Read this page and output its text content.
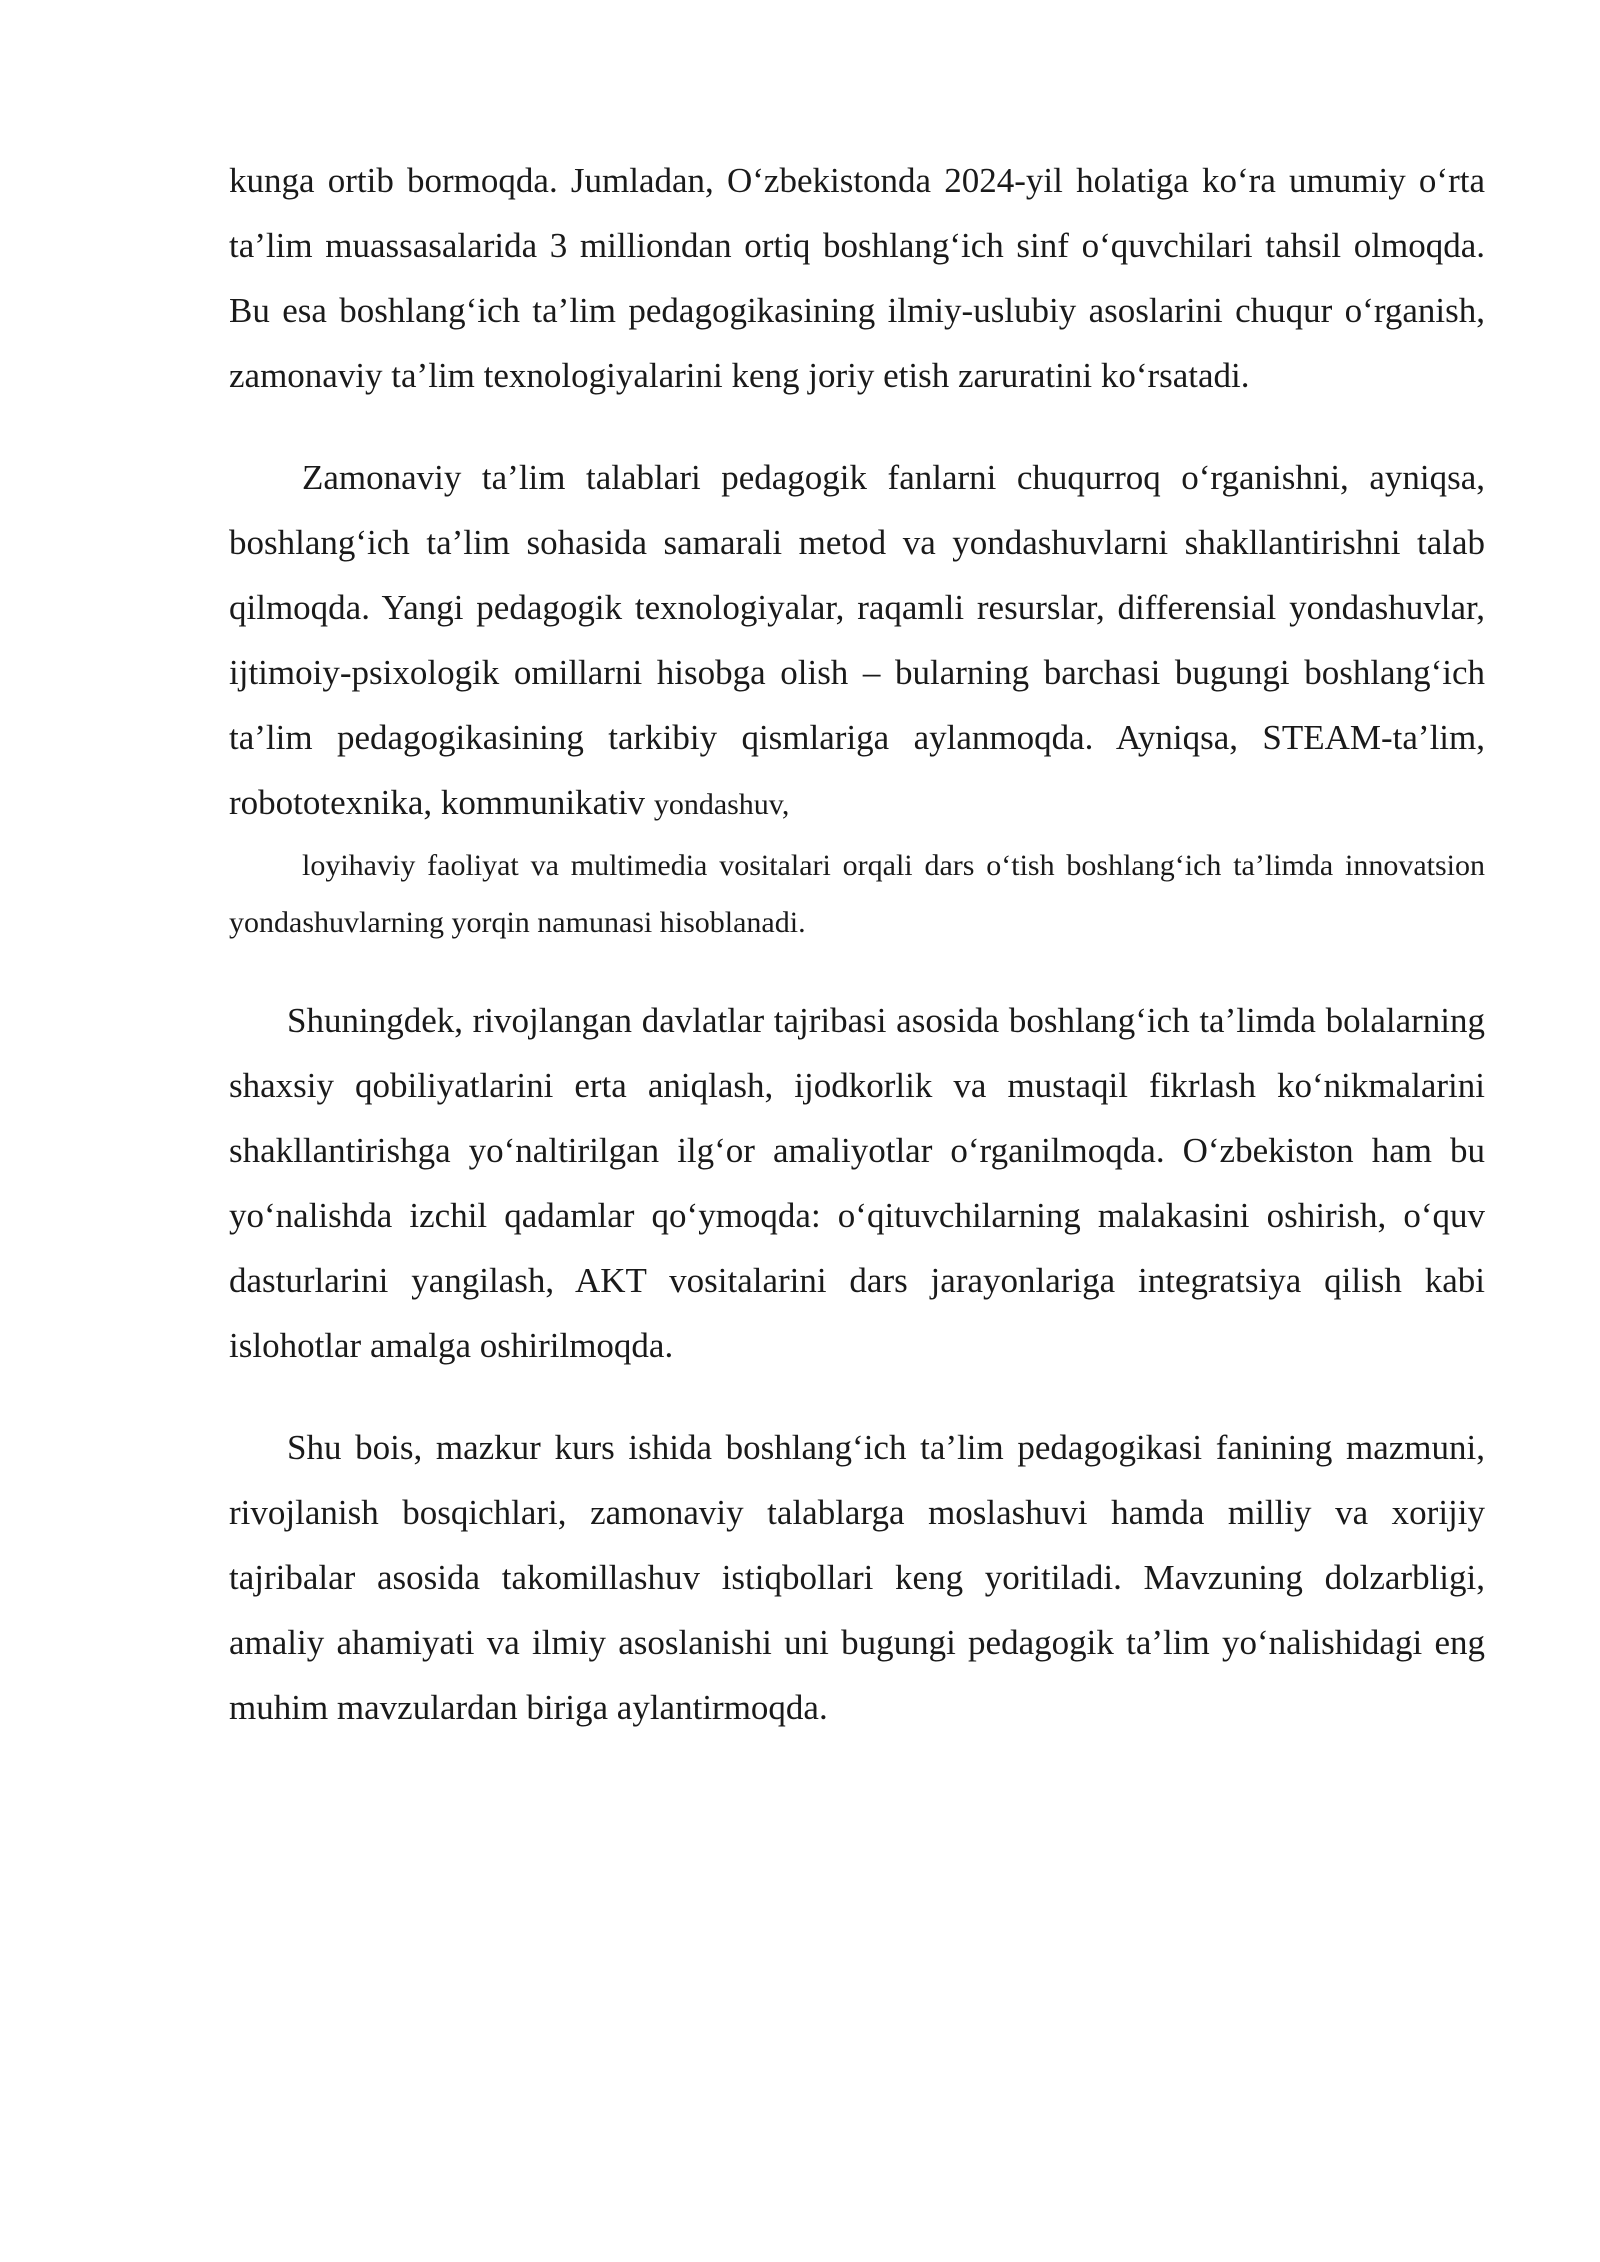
kunga ortib bormoqda. Jumladan, O‘zbekistonda 2024-yil holatiga ko‘ra umumiy o‘rta ta’lim muassasalarida 3 milliondan ortiq boshlang‘ich sinf o‘quvchilari tahsil olmoqda. Bu esa boshlang‘ich ta’lim pedagogikasining ilmiy-uslubiy asoslarini chuqur o‘rganish, zamonaviy ta’lim texnologiyalarini keng joriy etish zaruratini ko‘rsatadi.

Zamonaviy ta’lim talablari pedagogik fanlarni chuqurroq o‘rganishni, ayniqsa, boshlang‘ich ta’lim sohasida samarali metod va yondashuvlarni shakllantirishni talab qilmoqda. Yangi pedagogik texnologiyalar, raqamli resurslar, differensial yondashuvlar, ijtimoiy-psixologik omillarni hisobga olish – bularning barchasi bugungi boshlang‘ich ta’lim pedagogikasining tarkibiy qismlariga aylanmoqda. Ayniqsa, STEAM-ta’lim, robototexnika, kommunikativ yondashuv,
loyihaviy faoliyat va multimedia vositalari orqali dars o‘tish boshlang‘ich ta’limda innovatsion yondashuvlarning yorqin namunasi hisoblanadi.

Shuningdek, rivojlangan davlatlar tajribasi asosida boshlang‘ich ta’limda bolalarning shaxsiy qobiliyatlarini erta aniqlash, ijodkorlik va mustaqil fikrlash ko‘nikmalarini shakllantirishga yo‘naltirilgan ilg‘or amaliyotlar o‘rganilmoqda. O‘zbekiston ham bu yo‘nalishda izchil qadamlar qo‘ymoqda: o‘qituvchilarning malakasini oshirish, o‘quv dasturlarini yangilash, AKT vositalarini dars jarayonlariga integratsiya qilish kabi islohotlar amalga oshirilmoqda.

Shu bois, mazkur kurs ishida boshlang‘ich ta’lim pedagogikasi fanining mazmuni, rivojlanish bosqichlari, zamonaviy talablarga moslashuvi hamda milliy va xorijiy tajribalar asosida takomillashuv istiqbollari keng yoritiladi. Mavzuning dolzarbligi, amaliy ahamiyati va ilmiy asoslanishi uni bugungi pedagogik ta’lim yo‘nalishidagi eng muhim mavzulardan biriga aylantirmoqda.
